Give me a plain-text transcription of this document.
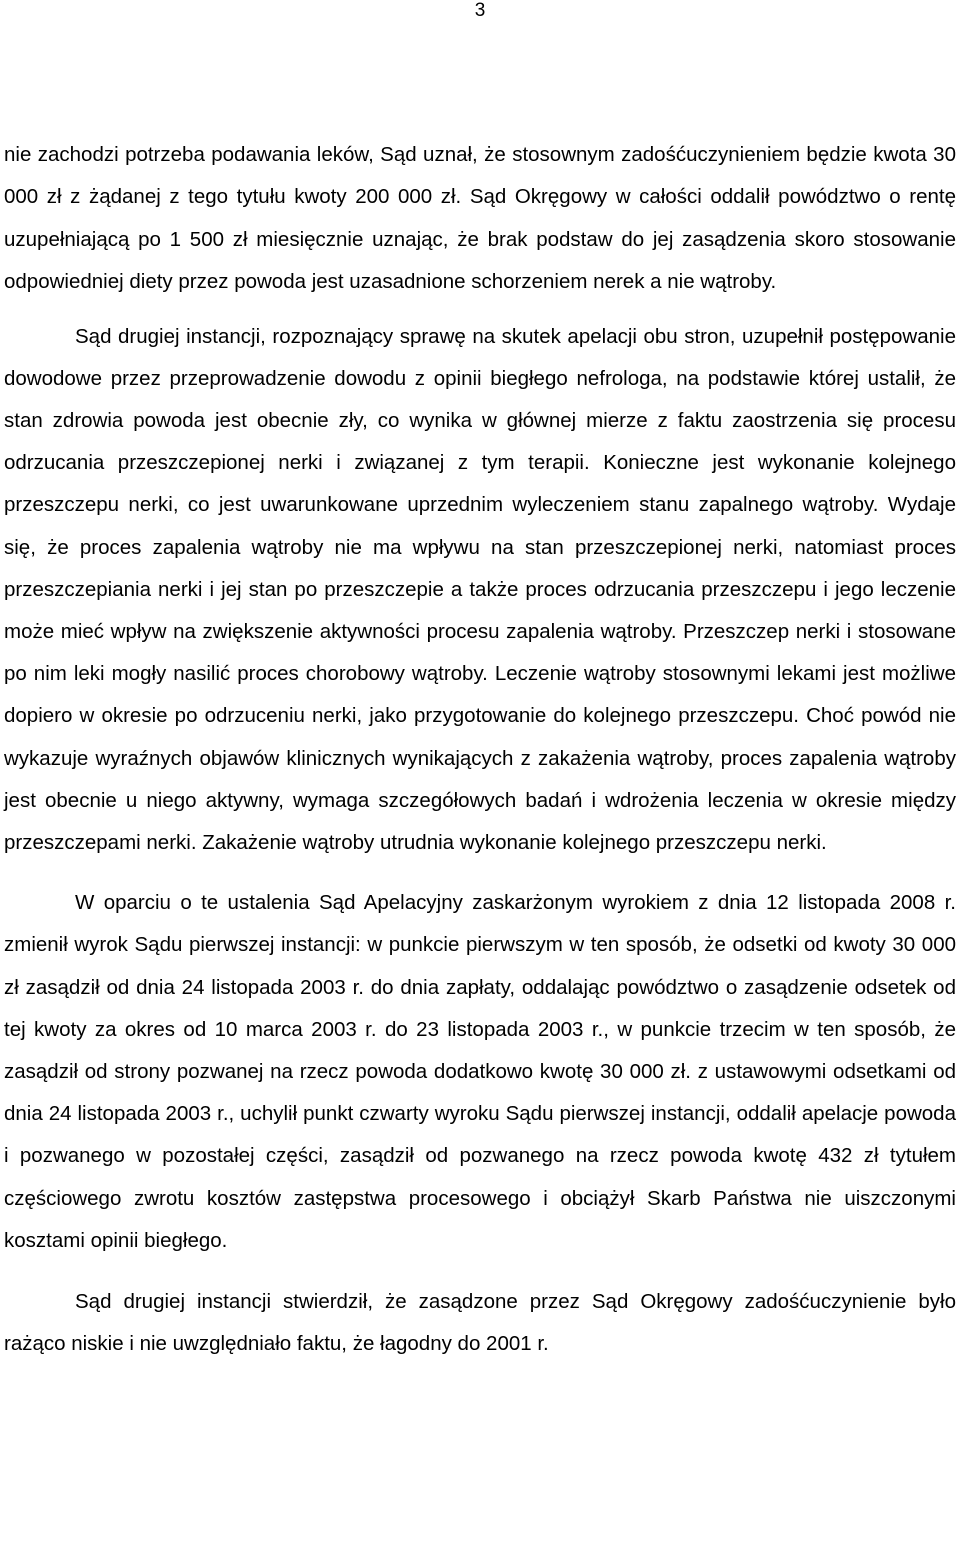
3

nie zachodzi potrzeba podawania leków, Sąd uznał, że stosownym zadośćuczynieniem będzie kwota 30 000 zł z żądanej z tego tytułu kwoty 200 000 zł. Sąd Okręgowy w całości oddalił powództwo o rentę uzupełniającą po 1 500 zł miesięcznie uznając, że brak podstaw do jej zasądzenia skoro stosowanie odpowiedniej diety przez powoda jest uzasadnione schorzeniem nerek a nie wątroby.

Sąd drugiej instancji, rozpoznający sprawę na skutek apelacji obu stron, uzupełnił postępowanie dowodowe przez przeprowadzenie dowodu z opinii biegłego nefrologa, na podstawie której ustalił, że stan zdrowia powoda jest obecnie zły, co wynika w głównej mierze z faktu zaostrzenia się procesu odrzucania przeszczepionej nerki i związanej z tym terapii. Konieczne jest wykonanie kolejnego przeszczepu nerki, co jest uwarunkowane uprzednim wyleczeniem stanu zapalnego wątroby. Wydaje się, że proces zapalenia wątroby nie ma wpływu na stan przeszczepionej nerki, natomiast proces przeszczepiania nerki i jej stan po przeszczepie a także proces odrzucania przeszczepu i jego leczenie może mieć wpływ na zwiększenie aktywności procesu zapalenia wątroby. Przeszczep nerki i stosowane po nim leki mogły nasilić proces chorobowy wątroby. Leczenie wątroby stosownymi lekami jest możliwe dopiero w okresie po odrzuceniu nerki, jako przygotowanie do kolejnego przeszczepu. Choć powód nie wykazuje wyraźnych objawów klinicznych wynikających z zakażenia wątroby, proces zapalenia wątroby jest obecnie u niego aktywny, wymaga szczegółowych badań i wdrożenia leczenia w okresie między przeszczepami nerki. Zakażenie wątroby utrudnia wykonanie kolejnego przeszczepu nerki.

W oparciu o te ustalenia Sąd Apelacyjny zaskarżonym wyrokiem z dnia 12 listopada 2008 r. zmienił wyrok Sądu pierwszej instancji: w punkcie pierwszym w ten sposób, że odsetki od kwoty 30 000 zł zasądził od dnia 24 listopada 2003 r. do dnia zapłaty, oddalając powództwo o zasądzenie odsetek od tej kwoty za okres od 10 marca 2003 r. do 23 listopada 2003 r., w punkcie trzecim w ten sposób, że zasądził od strony pozwanej na rzecz powoda dodatkowo kwotę 30 000 zł. z ustawowymi odsetkami od dnia 24 listopada 2003 r., uchylił punkt czwarty wyroku Sądu pierwszej instancji, oddalił apelacje powoda i pozwanego w pozostałej części, zasądził od pozwanego na rzecz powoda kwotę 432 zł tytułem częściowego zwrotu kosztów zastępstwa procesowego i obciążył Skarb Państwa nie uiszczonymi kosztami opinii biegłego.

Sąd drugiej instancji stwierdził, że zasądzone przez Sąd Okręgowy zadośćuczynienie było rażąco niskie i nie uwzględniało faktu, że łagodny do 2001 r.
